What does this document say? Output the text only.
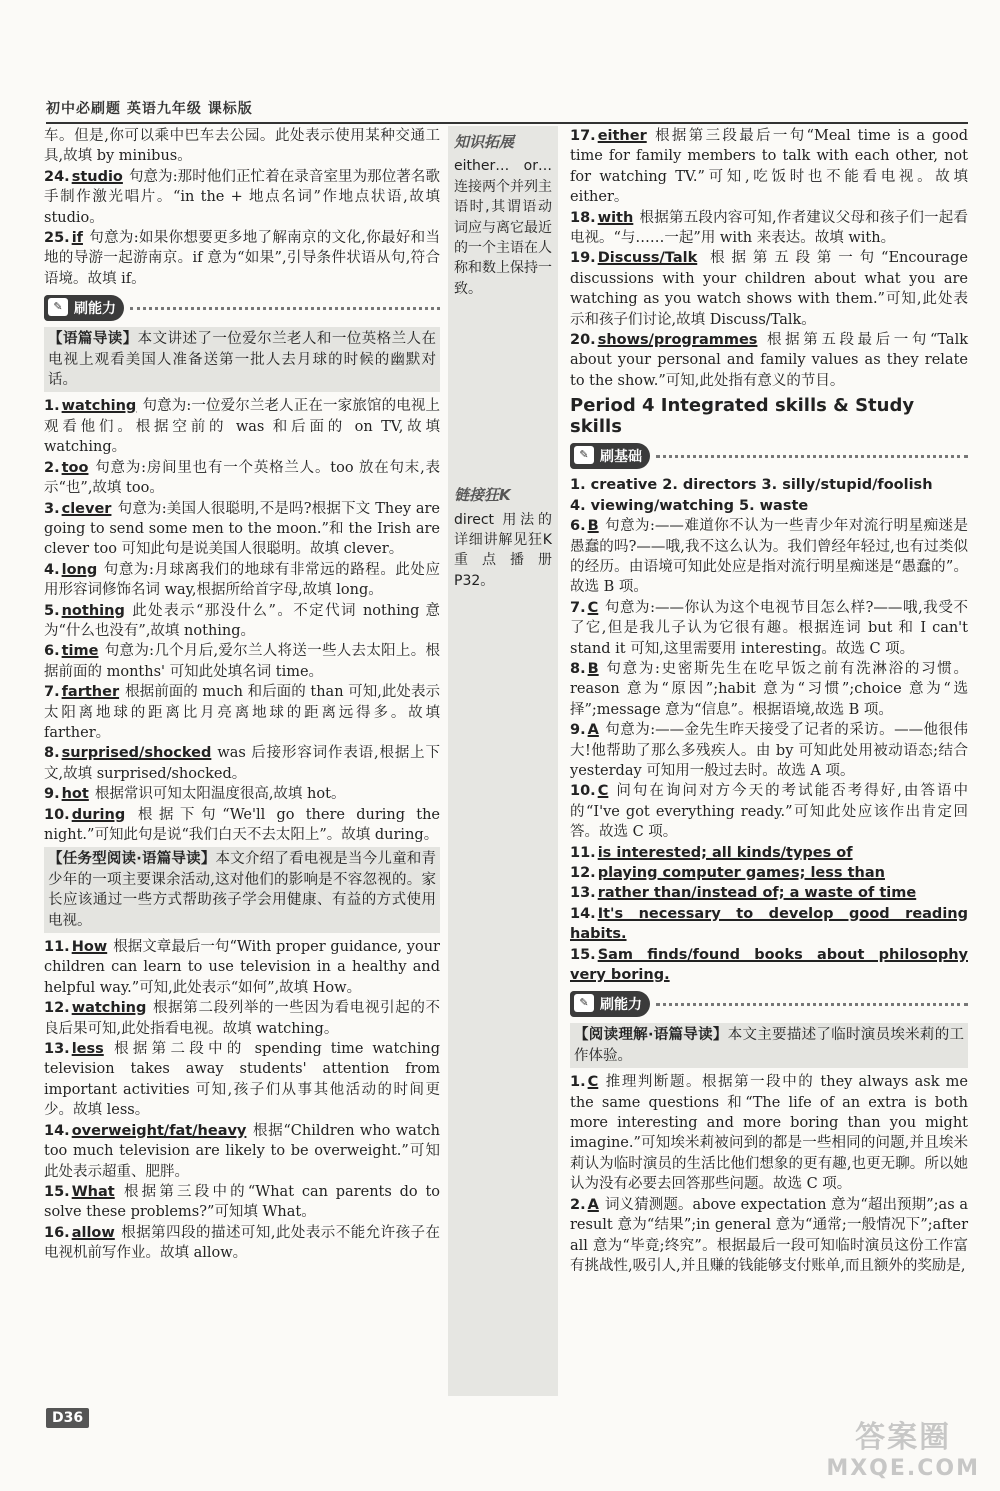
初中必刷题 英语九年级 课标版

车。但是,你可以乘中巴车去公园。此处表示使用某种交通工具,故填 by minibus。

24. studio 句意为:那时他们正忙着在录音室里为那位著名歌手制作激光唱片。“in the + 地点名词”作地点状语,故填 studio。

25. if 句意为:如果你想要更多地了解南京的文化,你最好和当地的导游一起游南京。if 意为“如果”,引导条件状语从句,符合语境。故填 if。

✎ 刷能力
【语篇导读】本文讲述了一位爱尔兰老人和一位英格兰人在电视上观看美国人准备送第一批人去月球的时候的幽默对话。

1. watching 句意为:一位爱尔兰老人正在一家旅馆的电视上观看他们。根据空前的 was 和后面的 on TV,故填 watching。

2. too 句意为:房间里也有一个英格兰人。too 放在句末,表示“也”,故填 too。

3. clever 句意为:美国人很聪明,不是吗?根据下文 They are going to send some men to the moon.”和 the Irish are clever too 可知此句是说美国人很聪明。故填 clever。

4. long 句意为:月球离我们的地球有非常远的路程。此处应用形容词修饰名词 way,根据所给首字母,故填 long。

5. nothing 此处表示“那没什么”。不定代词 nothing 意为“什么也没有”,故填 nothing。

6. time 句意为:几个月后,爱尔兰人将送一些人去太阳上。根据前面的 months' 可知此处填名词 time。

7. farther 根据前面的 much 和后面的 than 可知,此处表示太阳离地球的距离比月亮离地球的距离远得多。故填 farther。

8. surprised/shocked was 后接形容词作表语,根据上下文,故填 surprised/shocked。

9. hot 根据常识可知太阳温度很高,故填 hot。

10. during 根据下句“We'll go there during the night.”可知此句是说“我们白天不去太阳上”。故填 during。

【任务型阅读·语篇导读】本文介绍了看电视是当今儿童和青少年的一项主要课余活动,这对他们的影响是不容忽视的。家长应该通过一些方式帮助孩子学会用健康、有益的方式使用电视。

11. How 根据文章最后一句“With proper guidance, your children can learn to use television in a healthy and helpful way.”可知,此处表示“如何”,故填 How。

12. watching 根据第二段列举的一些因为看电视引起的不良后果可知,此处指看电视。故填 watching。

13. less 根据第二段中的 spending time watching television takes away students' attention from important activities 可知,孩子们从事其他活动的时间更少。故填 less。

14. overweight/fat/heavy 根据“Children who watch too much television are likely to be overweight.”可知此处表示超重、肥胖。

15. What 根据第三段中的“What can parents do to solve these problems?”可知填 What。

16. allow 根据第四段的描述可知,此处表示不能允许孩子在电视机前写作业。故填 allow。

知识拓展
either… or… 连接两个并列主语时,其谓语动词应与离它最近的一个主语在人称和数上保持一致。
链接狂K
direct 用法的详细讲解见狂K重点播册 P32。

17. either 根据第三段最后一句“Meal time is a good time for family members to talk with each other, not for watching TV.”可知,吃饭时也不能看电视。故填 either。

18. with 根据第五段内容可知,作者建议父母和孩子们一起看电视。“与……一起”用 with 来表达。故填 with。

19. Discuss/Talk 根据第五段第一句“Encourage discussions with your children about what you are watching as you watch shows with them.”可知,此处表示和孩子们讨论,故填 Discuss/Talk。

20. shows/programmes 根据第五段最后一句“Talk about your personal and family values as they relate to the show.”可知,此处指有意义的节目。

Period 4 Integrated skills & Study skills
✎ 刷基础

1. creative 2. directors 3. silly/stupid/foolish

4. viewing/watching 5. waste

6. B 句意为:——难道你不认为一些青少年对流行明星痴迷是愚蠢的吗?——哦,我不这么认为。我们曾经年轻过,也有过类似的经历。由语境可知此处应是指对流行明星痴迷是“愚蠢的”。故选 B 项。

7. C 句意为:——你认为这个电视节目怎么样?——哦,我受不了它,但是我儿子认为它很有趣。根据连词 but 和 I can't stand it 可知,这里需要用 interesting。故选 C 项。

8. B 句意为:史密斯先生在吃早饭之前有洗淋浴的习惯。reason 意为“原因”;habit 意为“习惯”;choice 意为“选择”;message 意为“信息”。根据语境,故选 B 项。

9. A 句意为:——金先生昨天接受了记者的采访。——他很伟大!他帮助了那么多残疾人。由 by 可知此处用被动语态;结合 yesterday 可知用一般过去时。故选 A 项。

10. C 问句在询问对方今天的考试能否考得好,由答语中的“I've got everything ready.”可知此处应该作出肯定回答。故选 C 项。

11. is interested; all kinds/types of

12. playing computer games; less than

13. rather than/instead of; a waste of time

14. It's necessary to develop good reading habits.

15. Sam finds/found books about philosophy very boring.

✎ 刷能力
【阅读理解·语篇导读】本文主要描述了临时演员埃米莉的工作体验。

1. C 推理判断题。根据第一段中的 they always ask me the same questions 和“The life of an extra is both more interesting and more boring than you might imagine.”可知埃米莉被问到的都是一些相同的问题,并且埃米莉认为临时演员的生活比他们想象的更有趣,也更无聊。所以她认为没有必要去回答那些问题。故选 C 项。

2. A 词义猜测题。above expectation 意为“超出预期”;as a result 意为“结果”;in general 意为“通常;一般情况下”;after all 意为“毕竟;终究”。根据最后一段可知临时演员这份工作富有挑战性,吸引人,并且赚的钱能够支付账单,而且额外的奖励是,

D36
答案圈
MXQE.COM
